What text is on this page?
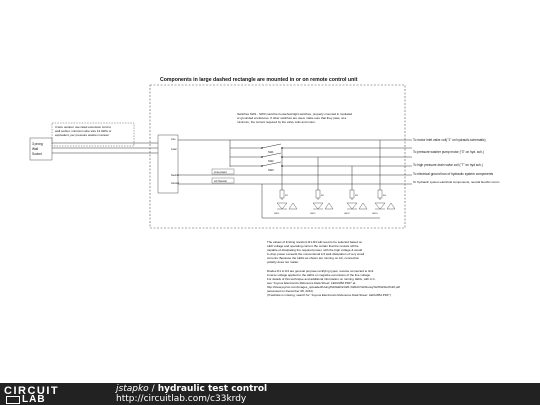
Components in large dashed rectangle are mounted in or on remote control unit
3 wire outdoor use rated extension cord to
wall socket, minimum wire size 14 AWG or
equivalent, per pressure washer manual
3 prong
Wall
Socket
Line
Load
Neutral
Ground
Switches SW1 - SW3 could be household light switches, properly mounted in insulated
or grounded enclosures. If other switches are used, make sure that they pass, at a
minimum, the current required by the valve coils and motor.
Line power
AC Neutral
SW1
SW2
SW3
R1
LED1
R2
LED2
R3
LED3
R4
LED4
To motor inlet valve coil("1" on hydraulic schematic)
To pressure washer pump motor ("3" on hyd. sch.)
To high pressure drain valve coil ("7" on hyd sch.)
To electrical ground bus of hydraulic system components
To hydraulic system electrical components, neutral bus/AC return
The values of limiting resistors R1-R4 will need to be selected based on
LED voltage and operating current. Be certain that the resistor will be
capable of dissipating the required power, with the high voltage & would
in-drop power exceeds the conventional 1/4 watt dissipation of very small
currents. Because the LEDs as shown are running on AC, connection
polarity does not matter.
Diodes D1 to D4 are general purpose rectifying types; reverse connected to limit
inverse voltage applied to the LEDs on negative excursions of the line voltage.
For details of this technique and additional information on running LEDs, with A.C.
see "Joyous Electronics Reference Data Sheet: LEDU3BJ.PDF" at
http://www.joycon.com/images_uploaded/Using%20LEDs%20-%20AC%20noisy%20%20ref%20.pdf
(accessed on December 08, 2012)
(If website is missing, search for "Joyous Electronics Reference Data Sheet: LEDU3BJ.PDF")
CIRCUIT
LAB
jstapko / hydraulic test control
http://circuitlab.com/c33krdy
